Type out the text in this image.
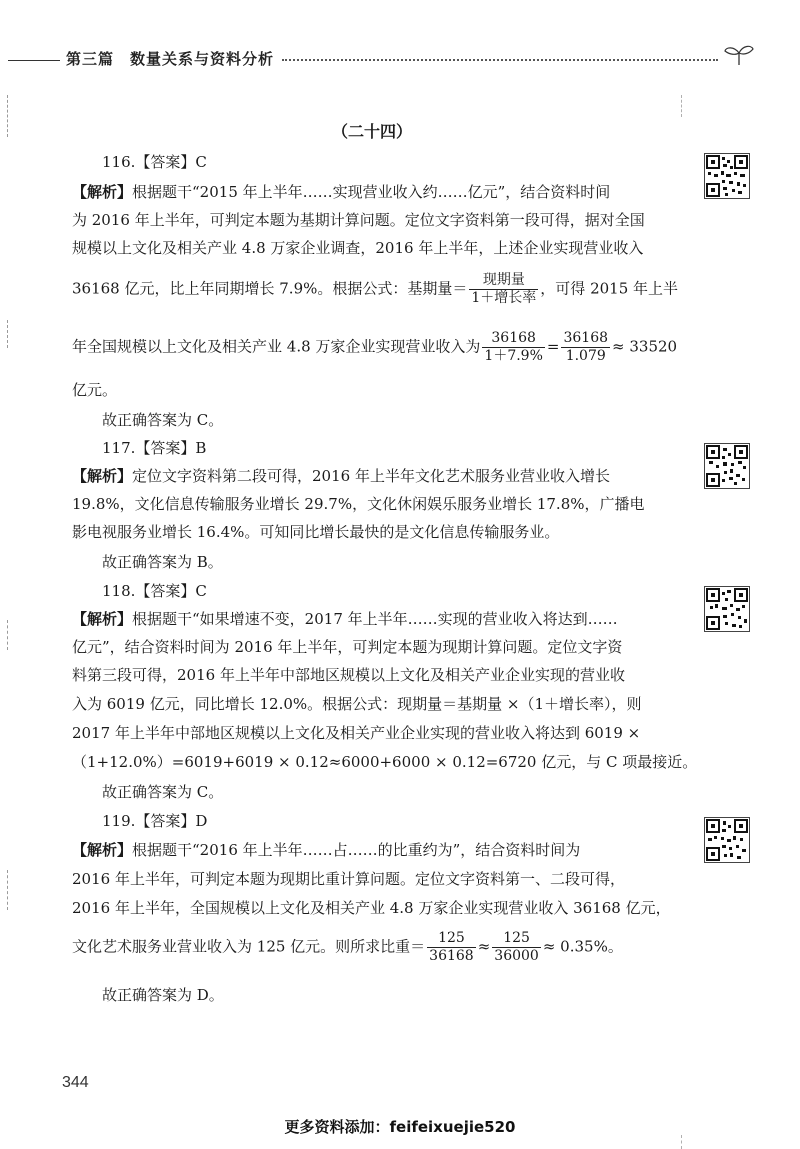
第三篇　数量关系与资料分析
（二十四）
116.【答案】C
【解析】根据题干“2015 年上半年……实现营业收入约……亿元”，结合资料时间
为 2016 年上半年，可判定本题为基期计算问题。定位文字资料第一段可得，据对全国
规模以上文化及相关产业 4.8 万家企业调查，2016 年上半年，上述企业实现营业收入
36168 亿元，比上年同期增长 7.9%。根据公式：基期量＝ $\frac{\text{现期量}}{\text{1＋增长率}}$ ，可得 2015 年上半
年全国规模以上文化及相关产业 4.8 万家企业实现营业收入为 $\frac{36168}{1+7.9\%} = \frac{36168}{1.079} \approx 33520$
亿元。
故正确答案为 C。
117.【答案】B
【解析】定位文字资料第二段可得，2016 年上半年文化艺术服务业营业收入增长
19.8%，文化信息传输服务业增长 29.7%，文化休闲娱乐服务业增长 17.8%，广播电
影电视服务业增长 16.4%。可知同比增长最快的是文化信息传输服务业。
故正确答案为 B。
118.【答案】C
【解析】根据题干“如果增速不变，2017 年上半年……实现的营业收入将达到……
亿元”，结合资料时间为 2016 年上半年，可判定本题为现期计算问题。定位文字资
料第三段可得，2016 年上半年中部地区规模以上文化及相关产业企业实现的营业收
入为 6019 亿元，同比增长 12.0%。根据公式：现期量＝基期量 ×（1＋增长率），则
2017 年上半年中部地区规模以上文化及相关产业企业实现的营业收入将达到 6019 ×
（1+12.0%）=6019+6019 × 0.12≈6000+6000 × 0.12=6720 亿元，与 C 项最接近。
故正确答案为 C。
119.【答案】D
【解析】根据题干“2016 年上半年……占……的比重约为”，结合资料时间为
2016 年上半年，可判定本题为现期比重计算问题。定位文字资料第一、二段可得，
2016 年上半年，全国规模以上文化及相关产业 4.8 万家企业实现营业收入 36168 亿元，
文化艺术服务业营业收入为 125 亿元。则所求比重＝ $\frac{125}{36168} \approx \frac{125}{36000} \approx 0.35\%$。
故正确答案为 D。
344
更多资料添加：feifeixuejie520
